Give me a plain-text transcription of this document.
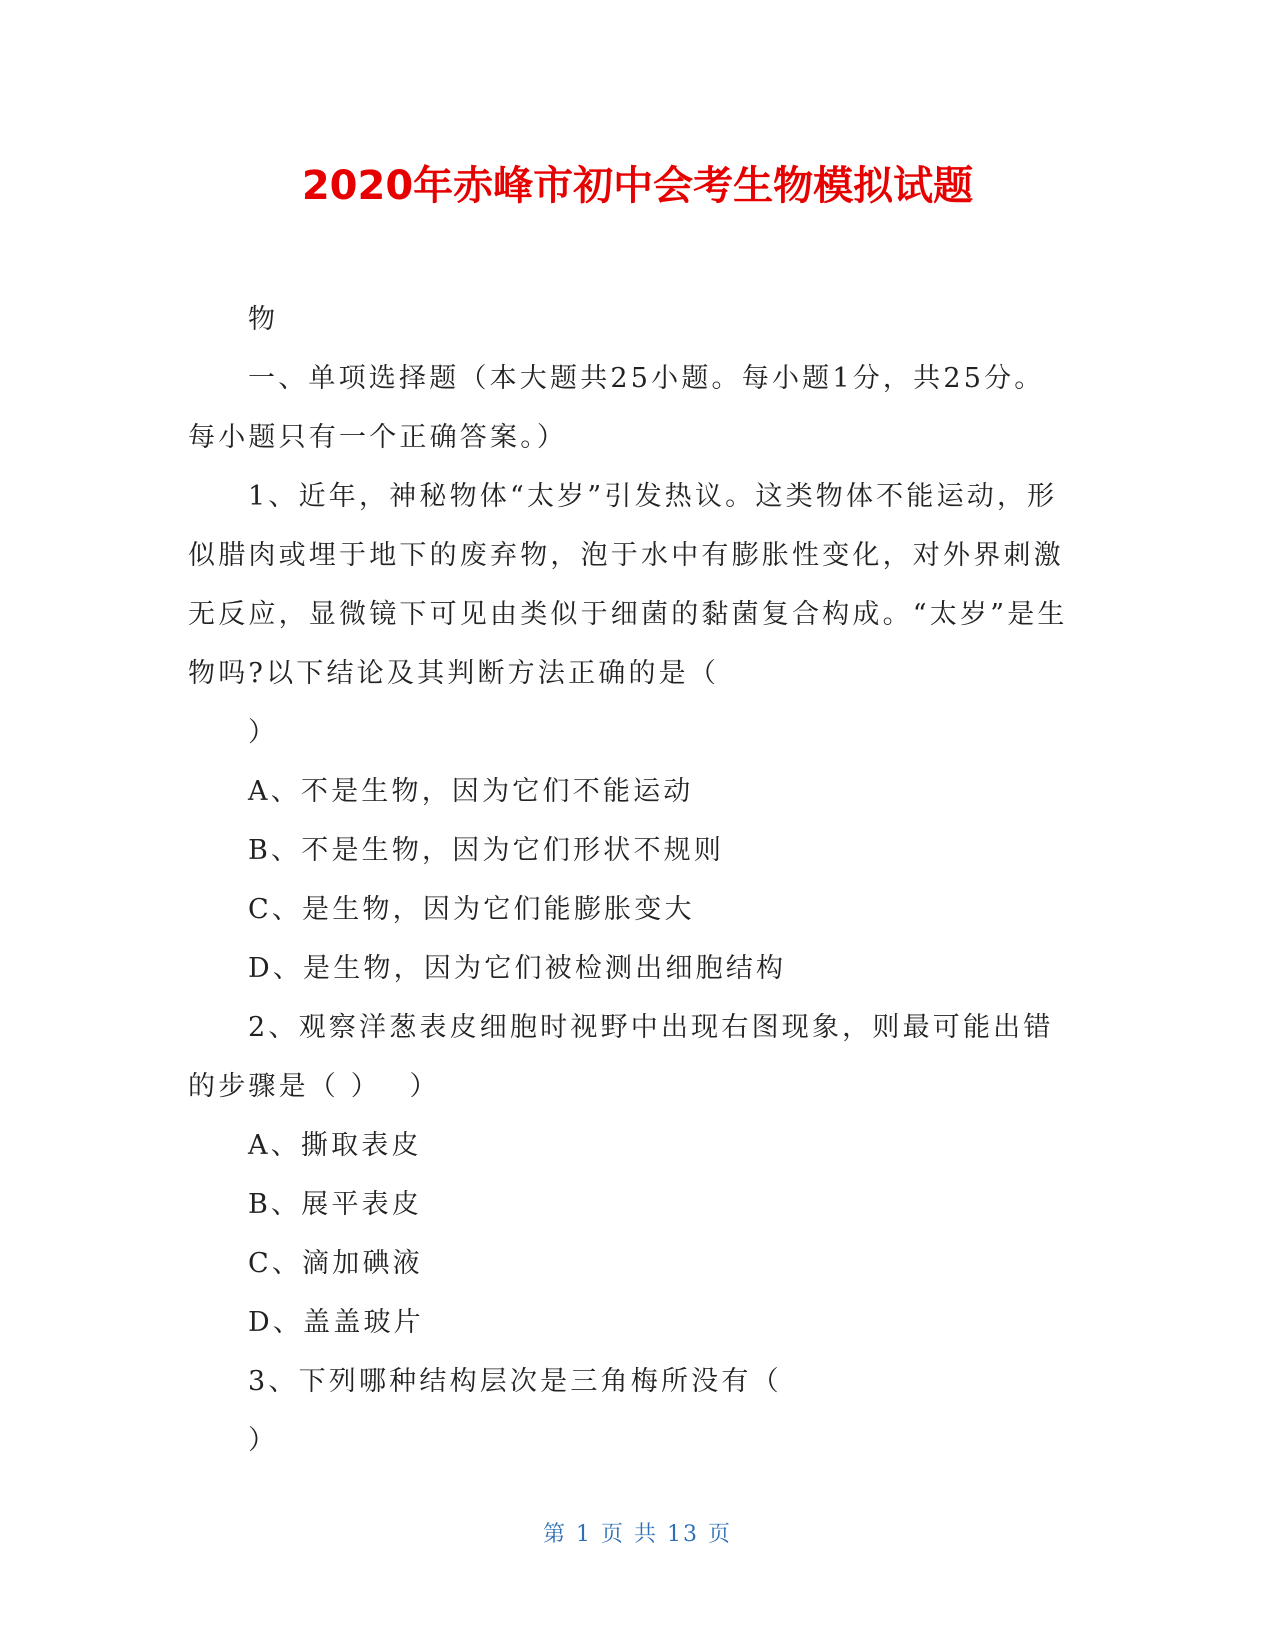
2020年赤峰市初中会考生物模拟试题

物

一、单项选择题（本大题共25小题。每小题1分，共25分。每小题只有一个正确答案。）

1、近年，神秘物体“太岁”引发热议。这类物体不能运动，形似腊肉或埋于地下的废弃物，泡于水中有膨胀性变化，对外界刺激无反应，显微镜下可见由类似于细菌的黏菌复合构成。“太岁”是生物吗?以下结论及其判断方法正确的是（

）

A、不是生物，因为它们不能运动

B、不是生物，因为它们形状不规则

C、是生物，因为它们能膨胀变大

D、是生物，因为它们被检测出细胞结构

2、观察洋葱表皮细胞时视野中出现右图现象，则最可能出错的步骤是（ ）　 ）

A、撕取表皮

B、展平表皮

C、滴加碘液

D、盖盖玻片

3、下列哪种结构层次是三角梅所没有（

）

第 1 页 共 13 页
